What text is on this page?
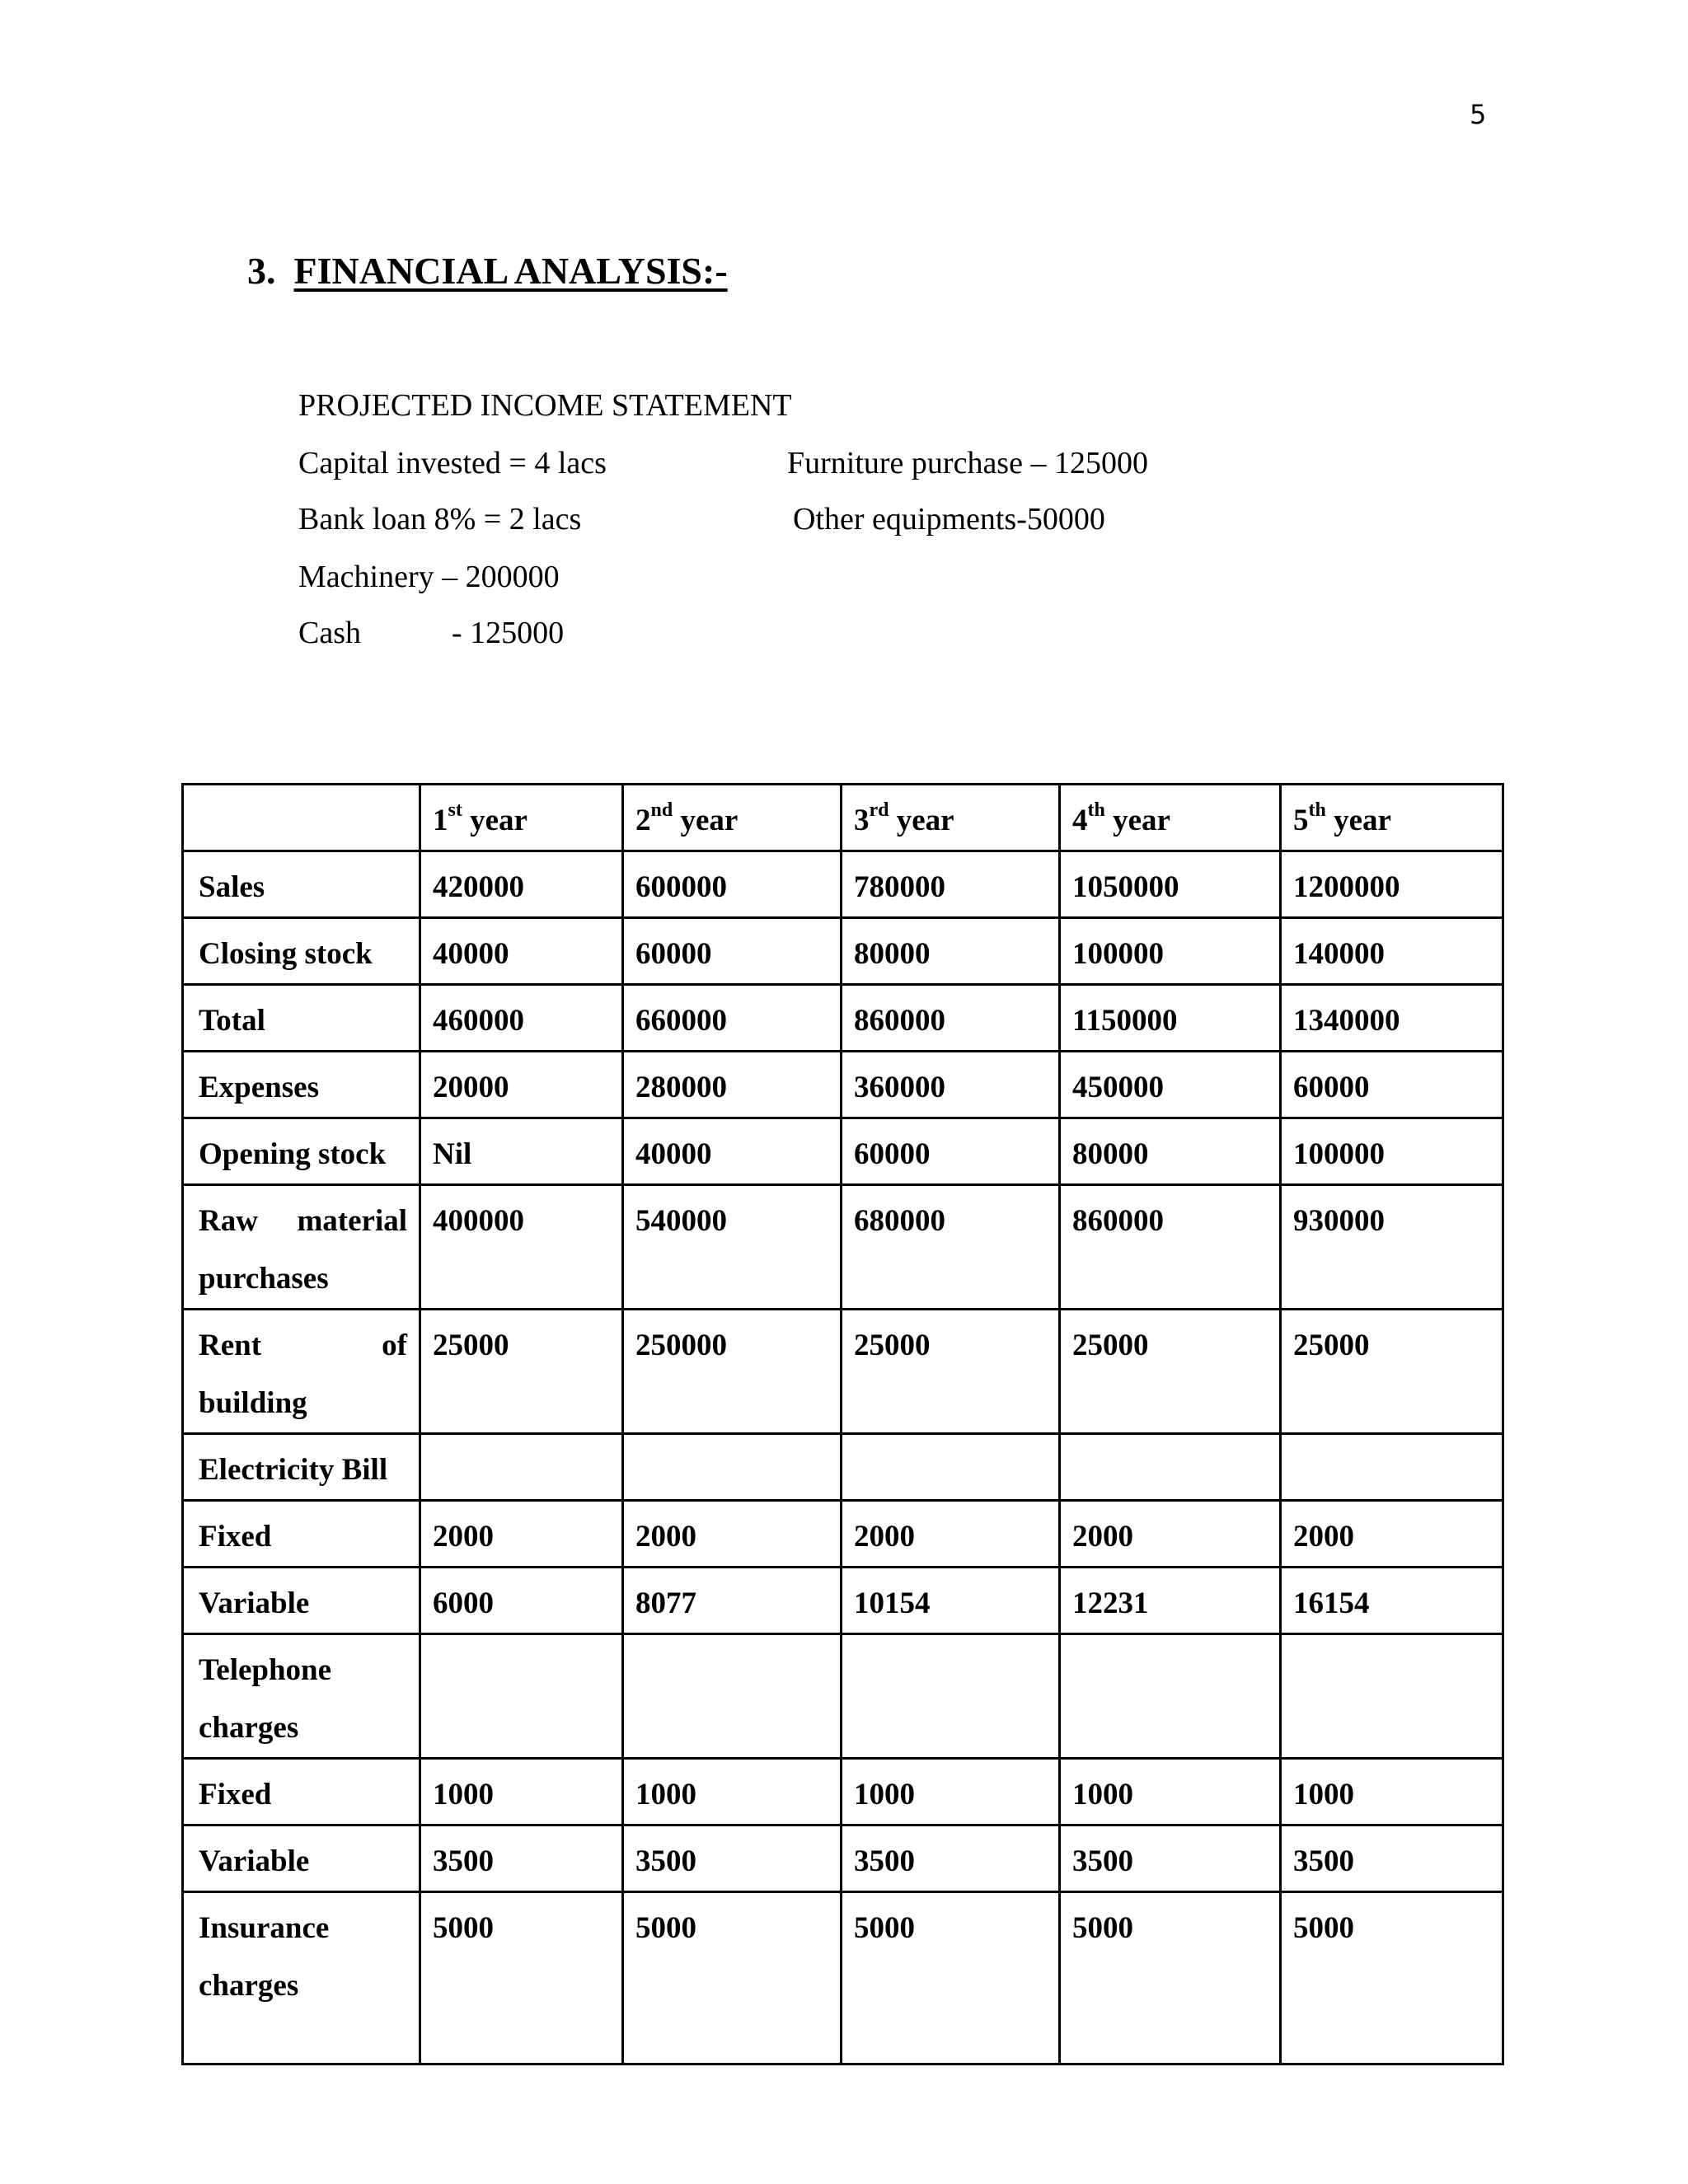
5
3. FINANCIAL ANALYSIS:-
PROJECTED INCOME STATEMENT
Capital invested = 4 lacs	Furniture purchase – 125000
Bank loan 8% = 2 lacs	Other equipments-50000
Machinery – 200000
Cash	- 125000
	1st year	2nd year	3rd year	4th year	5th year
Sales	420000	600000	780000	1050000	1200000
Closing stock	40000	60000	80000	100000	140000
Total	460000	660000	860000	1150000	1340000
Expenses	20000	280000	360000	450000	60000
Opening stock	Nil	40000	60000	80000	100000

Raw material
purchases	400000	540000	680000	860000	930000

Rent of
building	25000	250000	25000	25000	25000
Electricity Bill					
Fixed	2000	2000	2000	2000	2000
Variable	6000	8077	10154	12231	16154

Telephone
charges					

Fixed	1000	1000	1000	1000	1000
Variable	3500	3500	3500	3500	3500

Insurance
charges	5000	5000	5000	5000	5000
